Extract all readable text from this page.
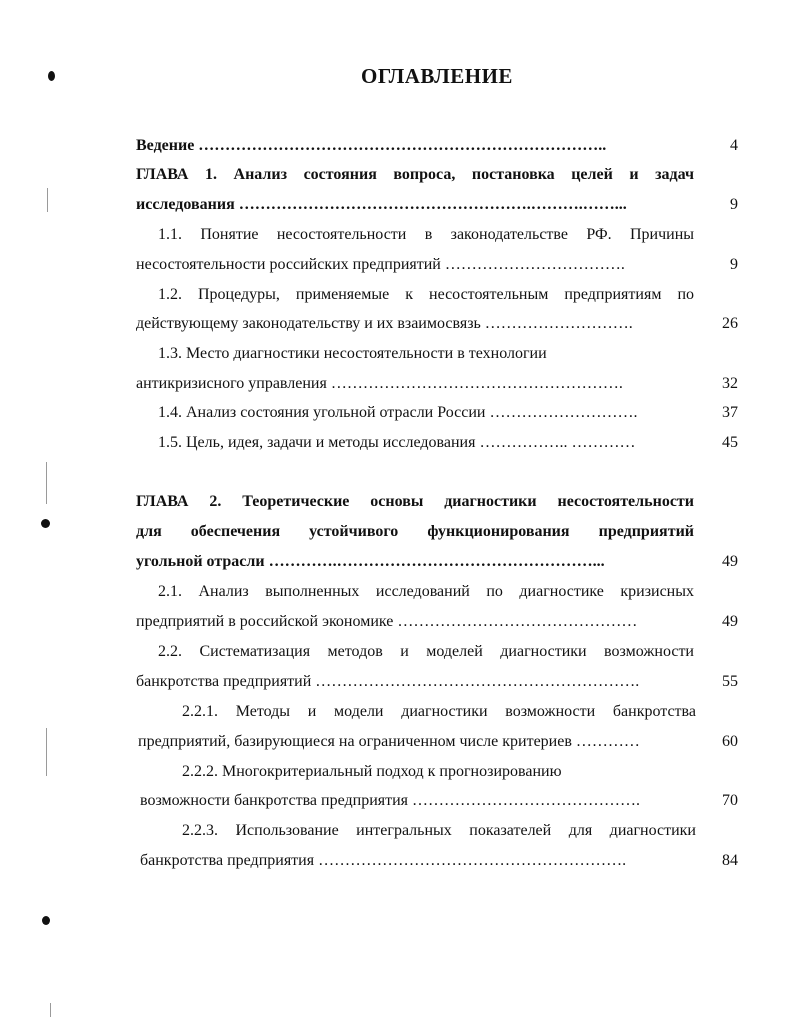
ОГЛАВЛЕНИЕ

Ведение …………………………………………………………………..	4

ГЛАВА 1. Анализ состояния вопроса, постановка целей и задач

исследования ……………………………………………….……….……...	9

1.1. Понятие несостоятельности в законодательстве РФ. Причины

несостоятельности российских предприятий …………………………….	9

1.2. Процедуры, применяемые к несостоятельным предприятиям по

действующему законодательству и их взаимосвязь ……………………….	26

1.3. Место диагностики несостоятельности в технологии

антикризисного управления ……………………………………………….	32

1.4. Анализ состояния угольной отрасли России ……………………….	37

1.5. Цель, идея, задачи и методы исследования …………….. …………	45

ГЛАВА 2. Теоретические основы диагностики несостоятельности

для обеспечения устойчивого функционирования предприятий

угольной отрасли ………….…………………………………………...	49

2.1. Анализ выполненных исследований по диагностике кризисных

предприятий в российской экономике ………………………………………	49

2.2. Систематизация методов и моделей диагностики возможности

банкротства предприятий …………………………………………………….	55

2.2.1. Методы и модели диагностики возможности банкротства

предприятий, базирующиеся на ограниченном числе критериев …………	60

2.2.2. Многокритериальный подход к прогнозированию

возможности банкротства предприятия …………………………………….	70

2.2.3. Использование интегральных показателей для диагностики

банкротства предприятия ………………………………………………….	84
